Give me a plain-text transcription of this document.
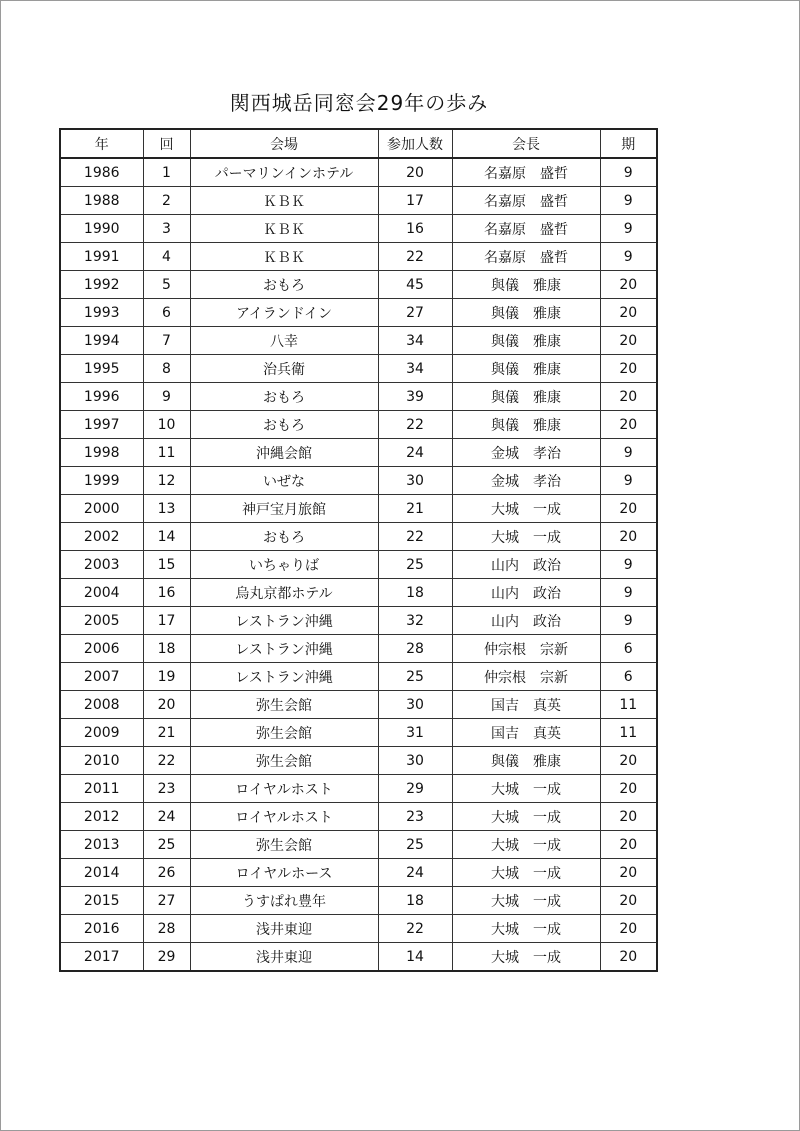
関西城岳同窓会29年の歩み
年	回	会場	参加人数	会長	期
1986	1	パーマリンインホテル	20	名嘉原　盛哲	9
1988	2	ＫＢＫ	17	名嘉原　盛哲	9
1990	3	ＫＢＫ	16	名嘉原　盛哲	9
1991	4	ＫＢＫ	22	名嘉原　盛哲	9
1992	5	おもろ	45	與儀　雅康	20
1993	6	アイランドイン	27	與儀　雅康	20
1994	7	八幸	34	與儀　雅康	20
1995	8	治兵衛	34	與儀　雅康	20
1996	9	おもろ	39	與儀　雅康	20
1997	10	おもろ	22	與儀　雅康	20
1998	11	沖縄会館	24	金城　孝治	9
1999	12	いぜな	30	金城　孝治	9
2000	13	神戸宝月旅館	21	大城　一成	20
2002	14	おもろ	22	大城　一成	20
2003	15	いちゃりば	25	山内　政治	9
2004	16	烏丸京都ホテル	18	山内　政治	9
2005	17	レストラン沖縄	32	山内　政治	9
2006	18	レストラン沖縄	28	仲宗根　宗新	6
2007	19	レストラン沖縄	25	仲宗根　宗新	6
2008	20	弥生会館	30	国吉　真英	11
2009	21	弥生会館	31	国吉　真英	11
2010	22	弥生会館	30	與儀　雅康	20
2011	23	ロイヤルホスト	29	大城　一成	20
2012	24	ロイヤルホスト	23	大城　一成	20
2013	25	弥生会館	25	大城　一成	20
2014	26	ロイヤルホース	24	大城　一成	20
2015	27	うすぱれ豊年	18	大城　一成	20
2016	28	浅井東迎	22	大城　一成	20
2017	29	浅井東迎	14	大城　一成	20
